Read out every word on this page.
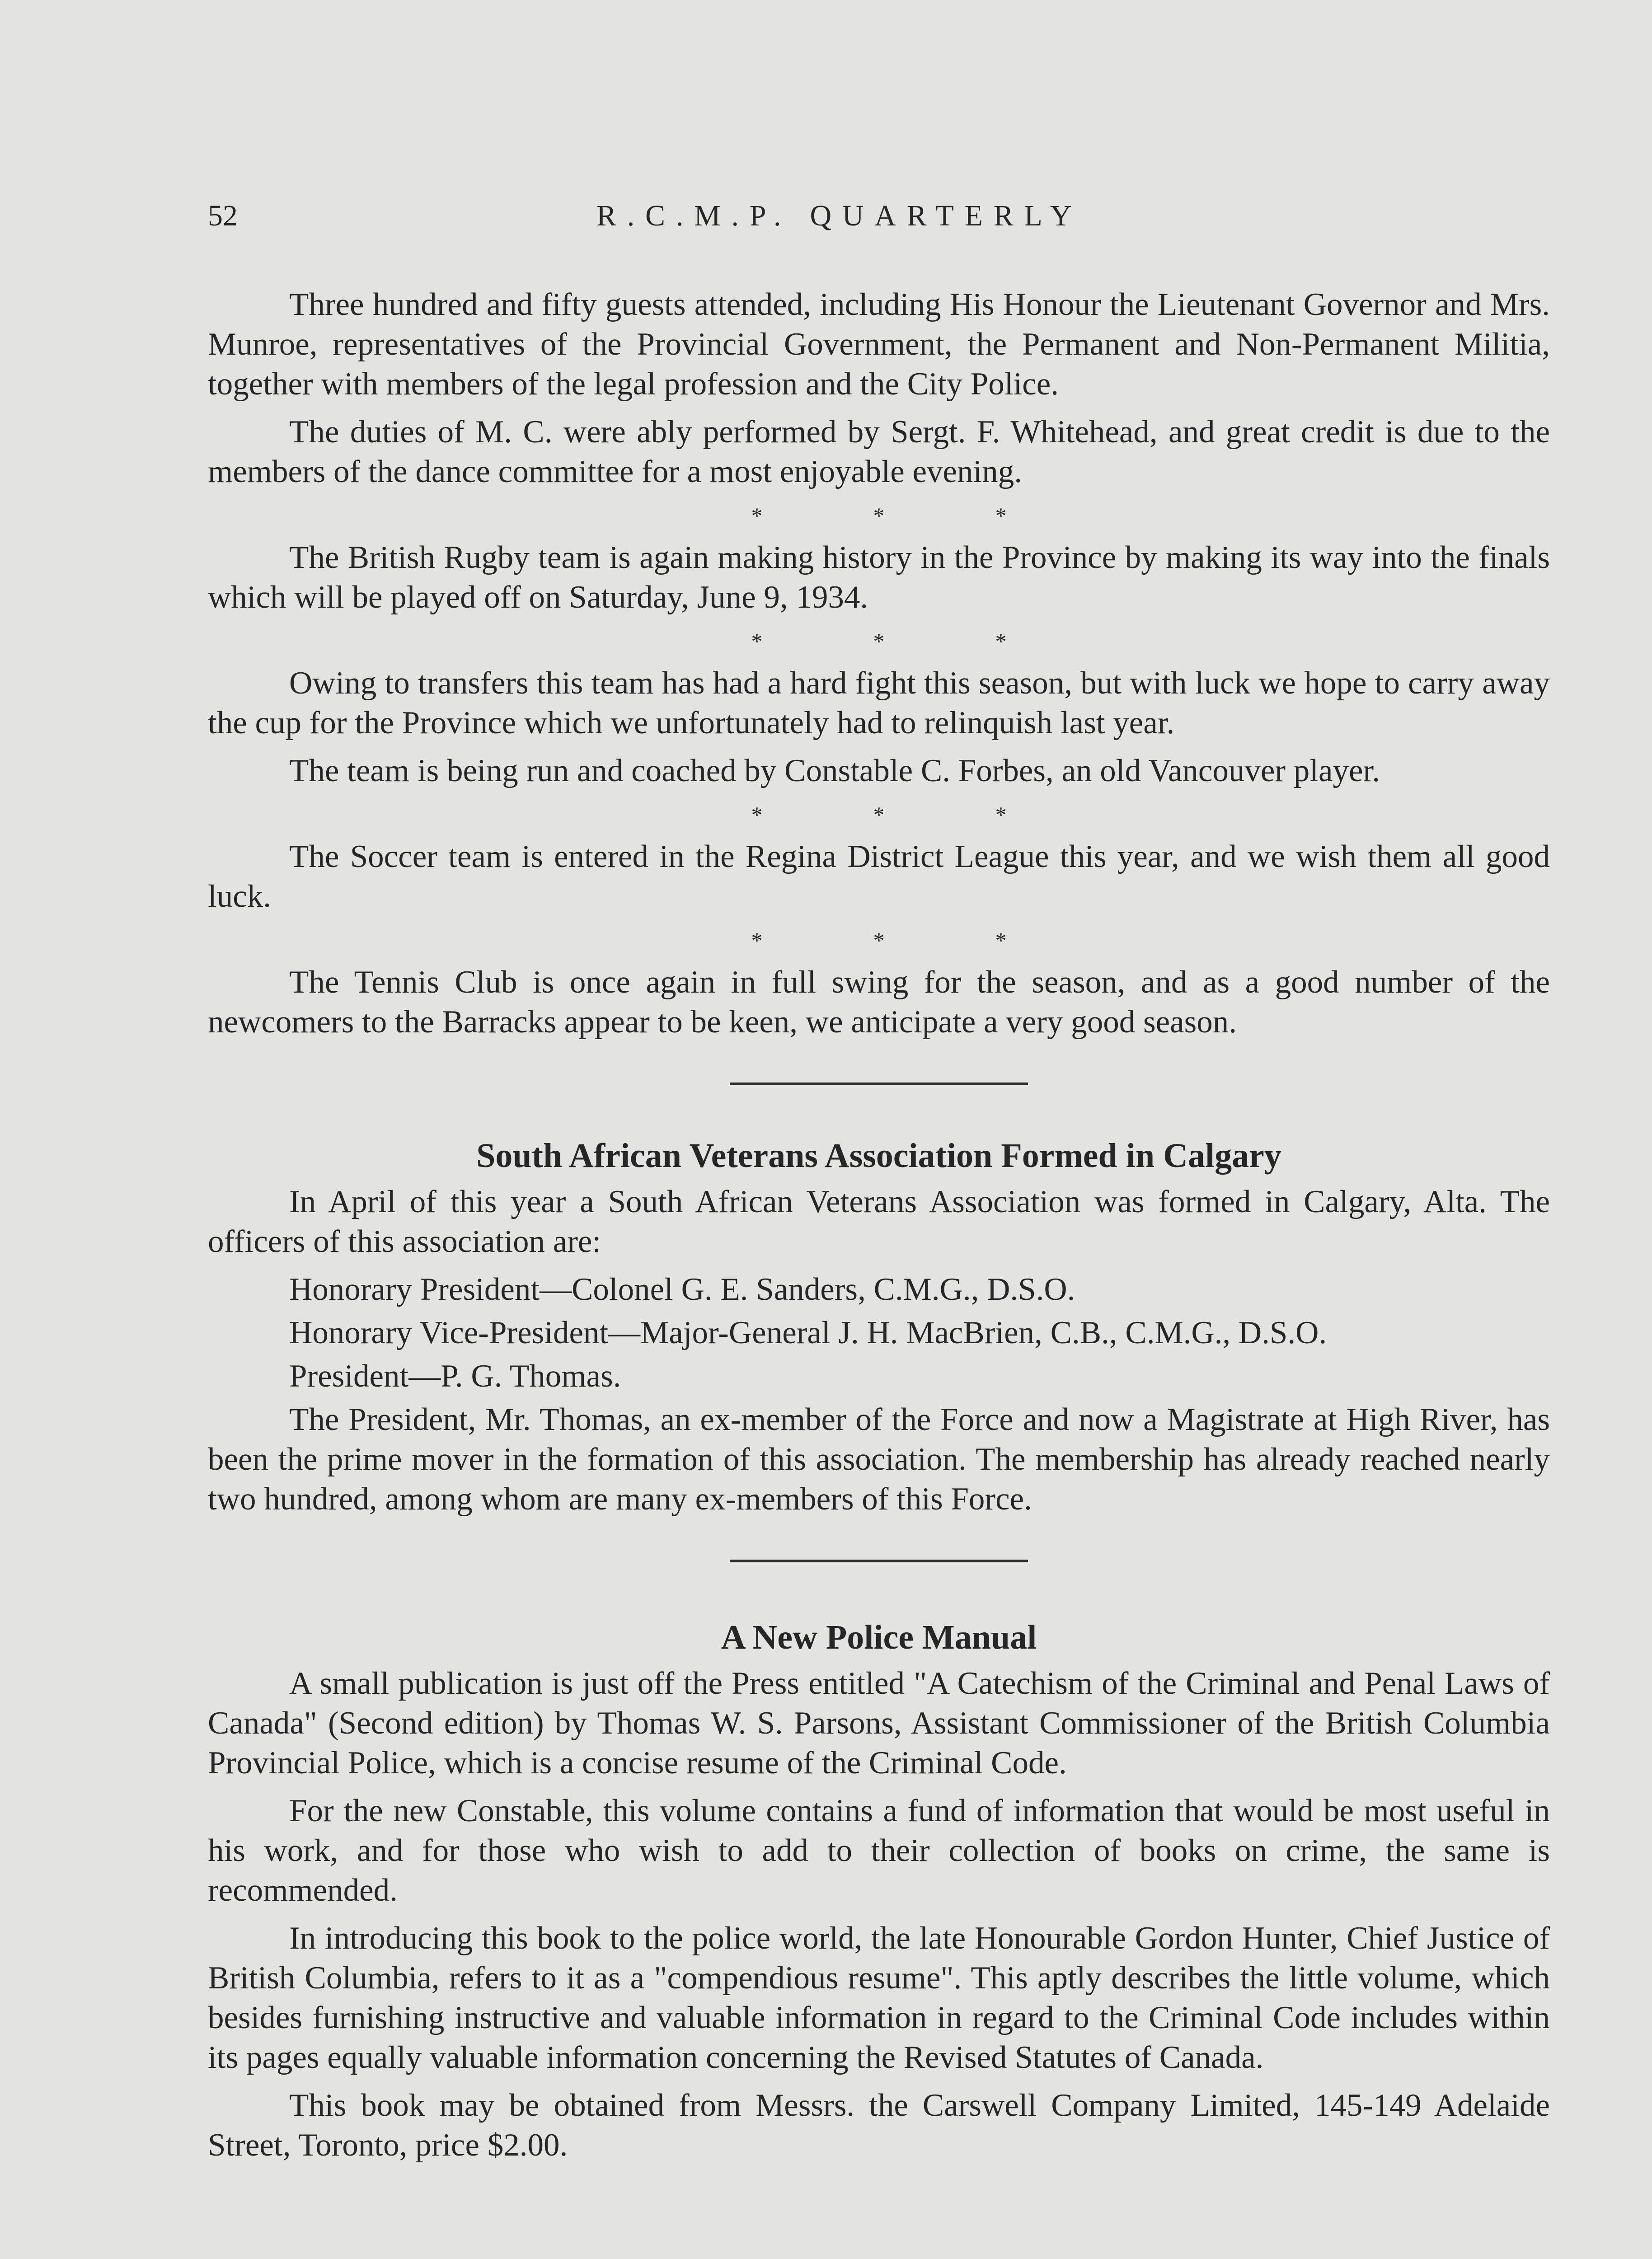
52	R.C.M.P. QUARTERLY

Three hundred and fifty guests attended, including His Honour the Lieutenant Governor and Mrs. Munroe, representatives of the Provincial Government, the Permanent and Non-Permanent Militia, together with members of the legal profession and the City Police.

The duties of M. C. were ably performed by Sergt. F. Whitehead, and great credit is due to the members of the dance committee for a most enjoyable evening.

*	*	*

The British Rugby team is again making history in the Province by making its way into the finals which will be played off on Saturday, June 9, 1934.

*	*	*

Owing to transfers this team has had a hard fight this season, but with luck we hope to carry away the cup for the Province which we unfortunately had to relinquish last year.

The team is being run and coached by Constable C. Forbes, an old Vancouver player.

*	*	*

The Soccer team is entered in the Regina District League this year, and we wish them all good luck.

*	*	*

The Tennis Club is once again in full swing for the season, and as a good number of the newcomers to the Barracks appear to be keen, we anticipate a very good season.

South African Veterans Association Formed in Calgary

In April of this year a South African Veterans Association was formed in Calgary, Alta. The officers of this association are:

Honorary President—Colonel G. E. Sanders, C.M.G., D.S.O.

Honorary Vice-President—Major-General J. H. MacBrien, C.B., C.M.G., D.S.O.

President—P. G. Thomas.

The President, Mr. Thomas, an ex-member of the Force and now a Magistrate at High River, has been the prime mover in the formation of this association. The membership has already reached nearly two hundred, among whom are many ex-members of this Force.

A New Police Manual

A small publication is just off the Press entitled "A Catechism of the Criminal and Penal Laws of Canada" (Second edition) by Thomas W. S. Parsons, Assistant Commissioner of the British Columbia Provincial Police, which is a concise resume of the Criminal Code.

For the new Constable, this volume contains a fund of information that would be most useful in his work, and for those who wish to add to their collection of books on crime, the same is recommended.

In introducing this book to the police world, the late Honourable Gordon Hunter, Chief Justice of British Columbia, refers to it as a "compendious resume". This aptly describes the little volume, which besides furnishing instructive and valuable information in regard to the Criminal Code includes within its pages equally valuable information concerning the Revised Statutes of Canada.

This book may be obtained from Messrs. the Carswell Company Limited, 145-149 Adelaide Street, Toronto, price $2.00.
